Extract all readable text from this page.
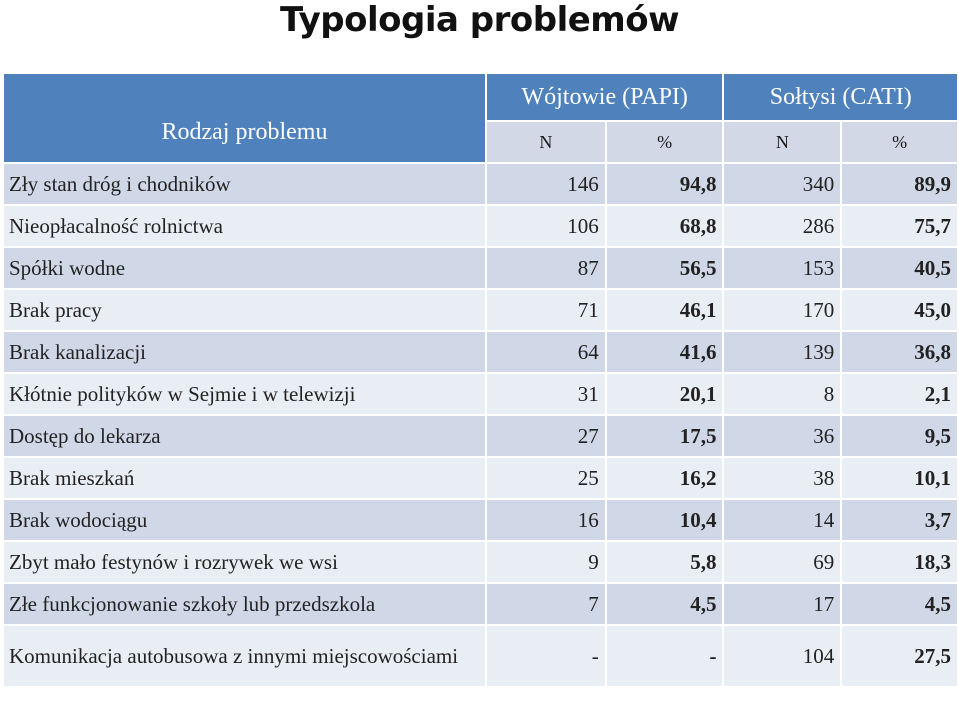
Typologia problemów
Rodzaj problemu	Wójtowie (PAPI)		Sołtysi (CATI)	
	N	%	N	%
Zły stan dróg i chodników	146	94,8	340	89,9
Nieopłacalność rolnictwa	106	68,8	286	75,7
Spółki wodne	87	56,5	153	40,5
Brak pracy	71	46,1	170	45,0
Brak kanalizacji	64	41,6	139	36,8
Kłótnie polityków w Sejmie i w telewizji	31	20,1	8	2,1
Dostęp do lekarza	27	17,5	36	9,5
Brak mieszkań	25	16,2	38	10,1
Brak wodociągu	16	10,4	14	3,7
Zbyt mało festynów i rozrywek we wsi	9	5,8	69	18,3
Złe funkcjonowanie szkoły lub przedszkola	7	4,5	17	4,5
Komunikacja autobusowa z innymi miejscowościami	-	-	104	27,5
